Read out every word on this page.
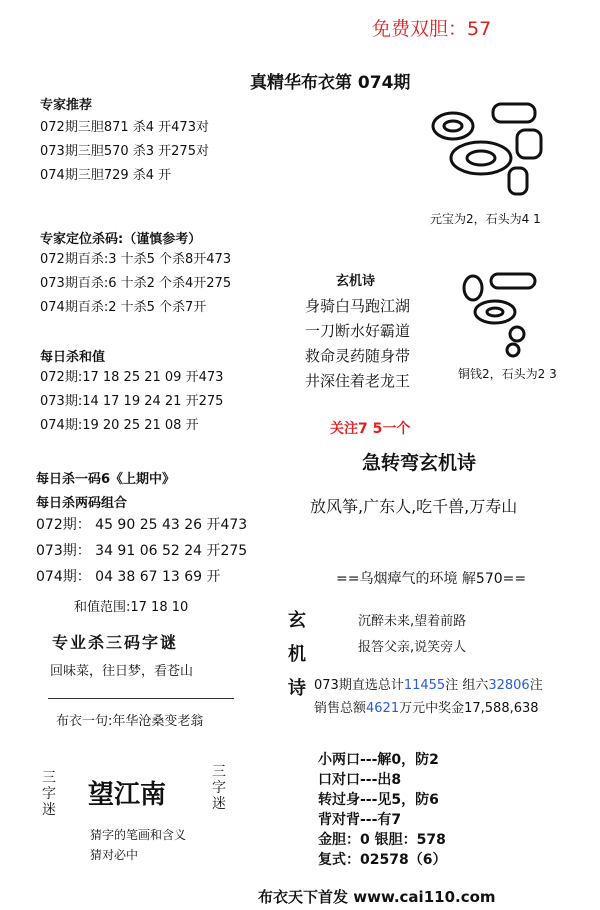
免费双胆：57
真精华布衣第 074期
专家推荐
072期三胆871 杀4 开473对
073期三胆570 杀3 开275对
074期三胆729 杀4 开
元宝为2，石头为4 1
专家定位杀码:（谨慎参考）
072期百杀:3 十杀5 个杀8开473
073期百杀:6 十杀2 个杀4开275
074期百杀:2 十杀5 个杀7开
玄机诗
身骑白马跑江湖
一刀断水好霸道
救命灵药随身带
井深住着老龙王	铜钱2，石头为2 3
每日杀和值
072期:17 18 25 21 09 开473
073期:14 17 19 24 21 开275
074期:19 20 25 21 08 开	关注7 5一个
急转弯玄机诗
放风筝,广东人,吃千兽,万寿山
每日杀一码6《上期中》
每日杀两码组合
072期： 45 90 25 43 26 开473
073期： 34 91 06 52 24 开275
074期： 04 38 67 13 69 开	==乌烟瘴气的环境 解570==
和值范围:17 18 10
专业杀三码字谜
回味菜，往日梦，看苍山
布衣一句:年华沧桑变老翁
玄
机
诗
沉醉未来,望着前路
报答父亲,说笑旁人
073期直选总计11455注 组六32806注
销售总额4621万元中奖金17,588,638
三字迷 望江南
三字迷
猜字的笔画和含义
猜对必中
小两口---解0，防2
口对口---出8
转过身---见5，防6
背对背---有7
金胆：0 银胆：578
复式：02578（6）
布衣天下首发 www.cai110.com
